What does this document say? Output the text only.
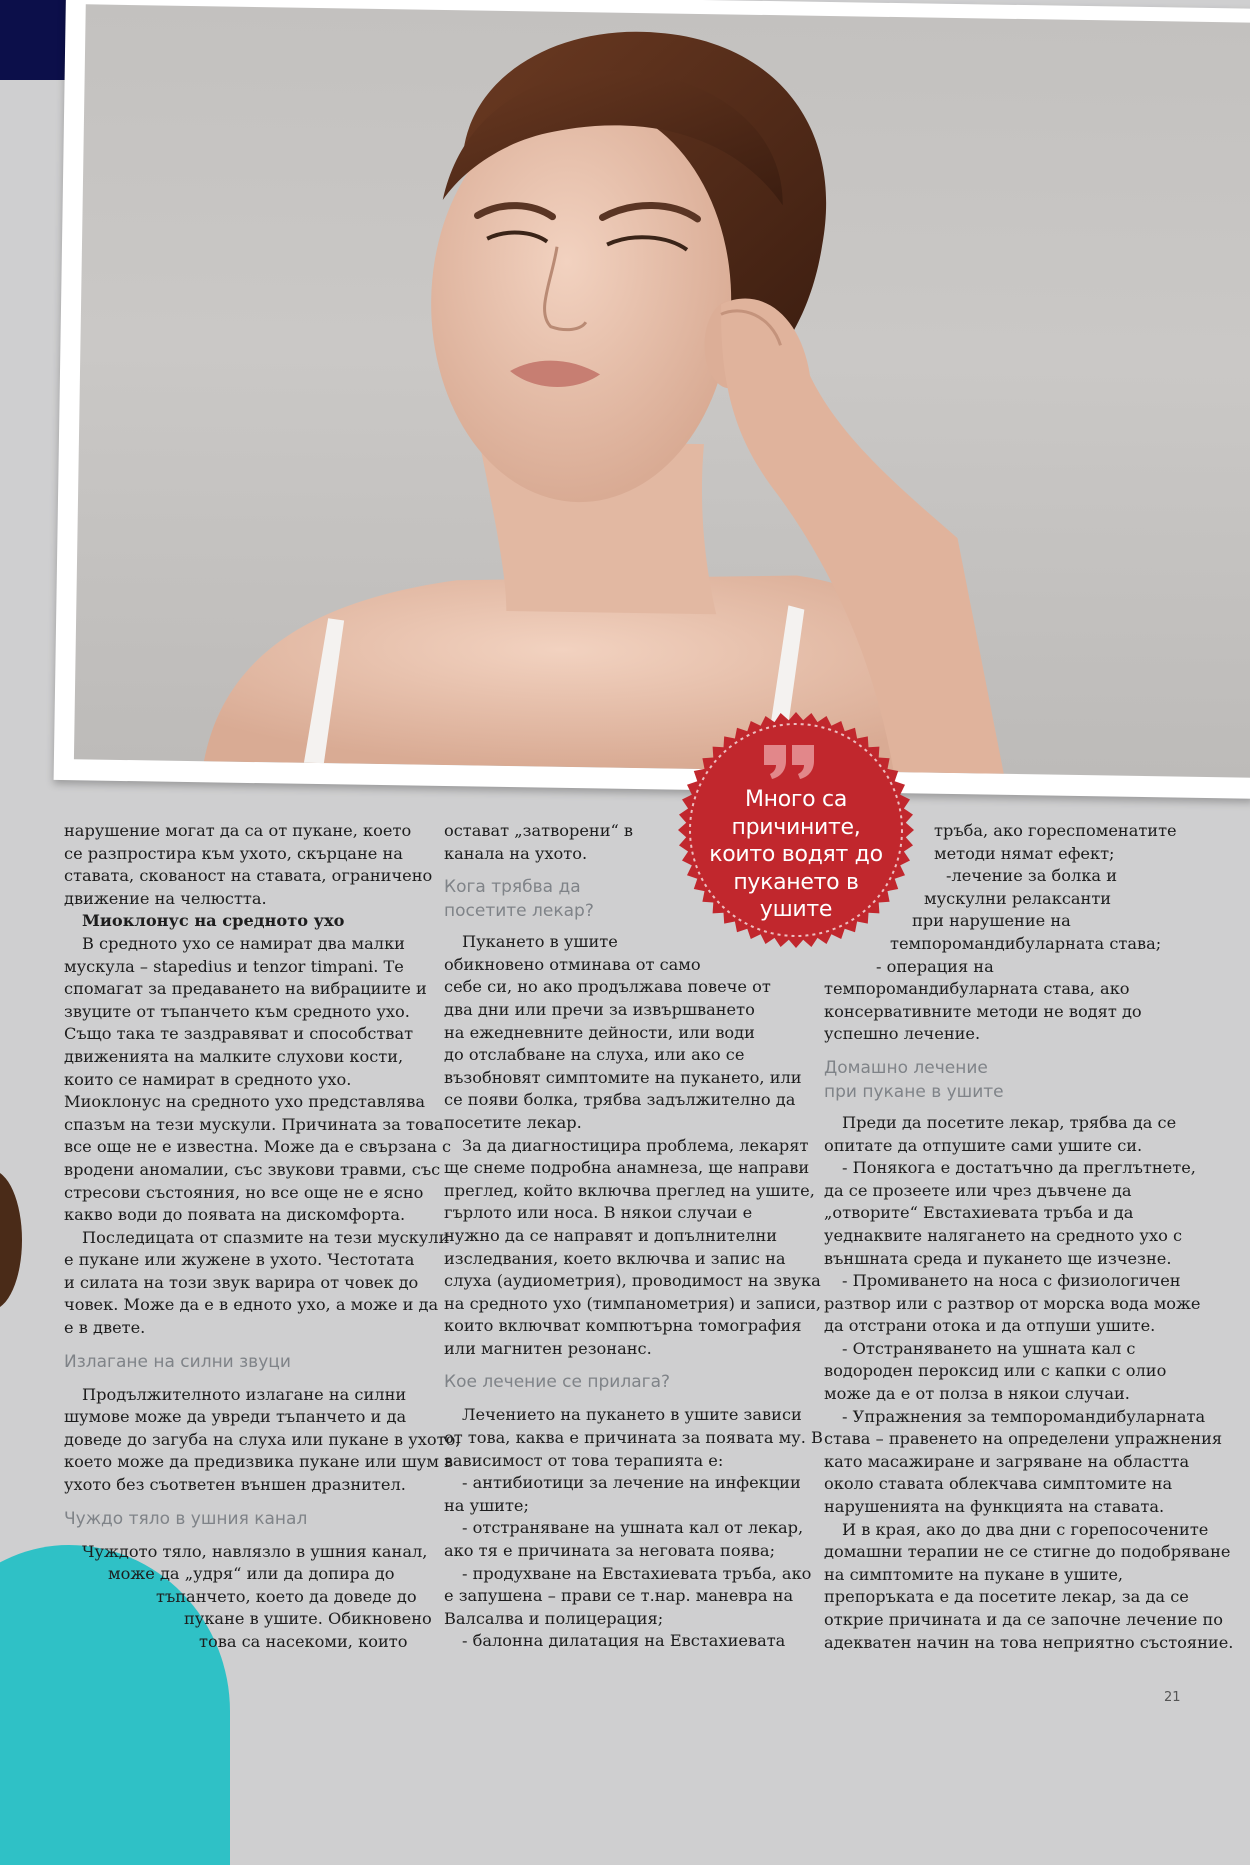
нарушение могат да са от пукане, което
се разпростира към ухото, скърцане на
ставата, скованост на ставата, ограничено
движение на челюстта.

Миоклонус на средното ухо

В средното ухо се намират два малки
мускула – stapedius и tenzor timpani. Те
спомагат за предаването на вибрациите и
звуците от тъпанчето към средното ухо.
Също така те заздравяват и способстват
движенията на малките слухови кости,
които се намират в средното ухо.
Миоклонус на средното ухо представлява
спазъм на тези мускули. Причината за това
все още не е известна. Може да е свързана с
вродени аномалии, със звукови травми, със
стресови състояния, но все още не е ясно
какво води до появата на дискомфорта.

Последицата от спазмите на тези мускули
е пукане или жужене в ухото. Честотата
и силата на този звук варира от човек до
човек. Може да е в едното ухо, а може и да
е в двете.

Излагане на силни звуци

Продължителното излагане на силни
шумове може да увреди тъпанчето и да
доведе до загуба на слуха или пукане в ухото,
което може да предизвика пукане или шум в
ухото без съответен външен дразнител.

Чуждо тяло в ушния канал

Чуждото тяло, навлязло в ушния канал,
може да „удря“ или да допира до
тъпанчето, което да доведе до
пукане в ушите. Обикновено
това са насекоми, които

остават „затворени“ в
канала на ухото.

Кога трябва да
посетите лекар?

Пукането в ушите
обикновено отминава от само
себе си, но ако продължава повече от
два дни или пречи за извършването
на ежедневните дейности, или води
до отслабване на слуха, или ако се
възобновят симптомите на пукането, или
се появи болка, трябва задължително да
посетите лекар.

За да диагностицира проблема, лекарят
ще снеме подробна анамнеза, ще направи
преглед, който включва преглед на ушите,
гърлото или носа. В някои случаи е
нужно да се направят и допълнителни
изследвания, което включва и запис на
слуха (аудиометрия), проводимост на звука
на средното ухо (тимпанометрия) и записи,
които включват компютърна томография
или магнитен резонанс.

Кое лечение се прилага?

Лечението на пукането в ушите зависи
от това, каква е причината за появата му. В
зависимост от това терапията е:

- антибиотици за лечение на инфекции
на ушите;
- отстраняване на ушната кал от лекар,
ако тя е причината за неговата поява;
- продухване на Евстахиевата тръба, ако
е запушена – прави се т.нар. маневра на
Валсалва и полицерация;
- балонна дилатация на Евстахиевата

тръба, ако гореспоменатите
методи нямат ефект;
-лечение за болка и
мускулни релаксанти
при нарушение на
темпоромандибуларната става;
- операция на
темпоромандибуларната става, ако
консервативните методи не водят до
успешно лечение.

Домашно лечение
при пукане в ушите

Преди да посетите лекар, трябва да се
опитате да отпушите сами ушите си.

- Понякога е достатъчно да преглътнете,
да се прозеете или чрез дъвчене да
„отворите“ Евстахиевата тръба и да
уеднаквите налягането на средното ухо с
външната среда и пукането ще изчезне.
- Промиването на носа с физиологичен
разтвор или с разтвор от морска вода може
да отстрани отока и да отпуши ушите.
- Отстраняването на ушната кал с
водороден пероксид или с капки с олио
може да е от полза в някои случаи.
- Упражнения за темпоромандибуларната
става – правенето на определени упражнения
като масажиране и загряване на областта
около ставата облекчава симптомите на
нарушенията на функцията на ставата.
И в края, ако до два дни с горепосочените
домашни терапии не се стигне до подобряване
на симптомите на пукане в ушите,
препоръката е да посетите лекар, за да се
открие причината и да се започне лечение по
адекватен начин на това неприятно състояние.

Много са
причините,
които водят до
пукането в
ушите
21
